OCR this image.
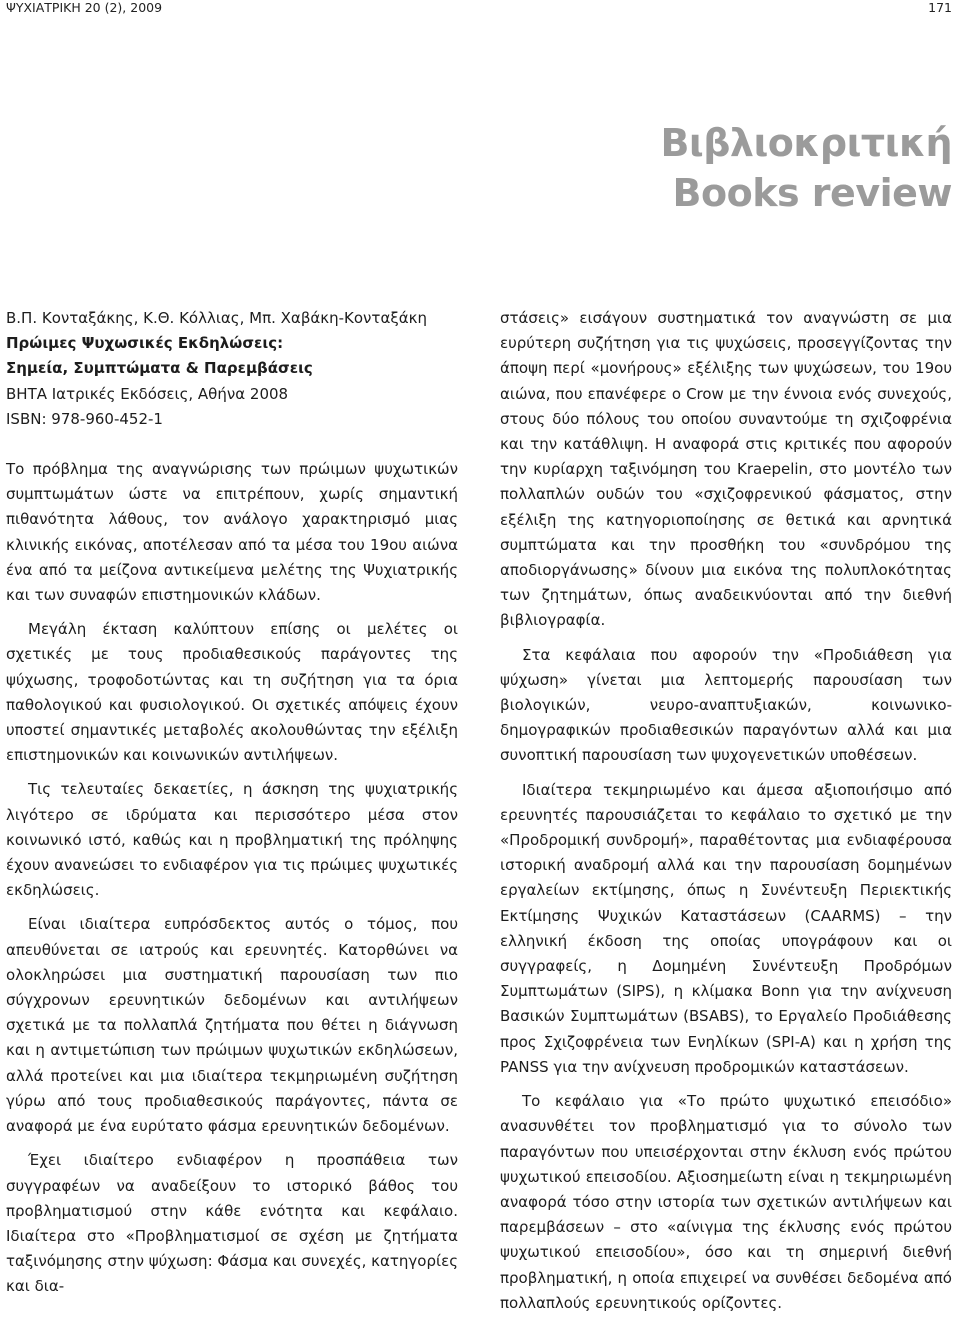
ΨΥΧΙΑΤΡΙΚΗ 20 (2), 2009	171
Βιβλιοκριτική
Books review

Β.Π. Κονταξάκης, Κ.Θ. Κόλλιας, Μπ. Χαβάκη-Κονταξάκη

Πρώιμες Ψυχωσικές Εκδηλώσεις:

Σημεία, Συμπτώματα & Παρεμβάσεις

ΒΗΤΑ Ιατρικές Εκδόσεις, Αθήνα 2008

ISBN: 978-960-452-1

Το πρόβλημα της αναγνώρισης των πρώιμων ψυχωτικών συμπτωμάτων ώστε να επιτρέπουν, χωρίς σημαντική πιθανότητα λάθους, τον ανάλογο χαρακτηρισμό μιας κλινικής εικόνας, αποτέλεσαν από τα μέσα του 19ου αιώνα ένα από τα μείζονα αντικείμενα μελέτης της Ψυχιατρικής και των συναφών επιστημονικών κλάδων.

Μεγάλη έκταση καλύπτουν επίσης οι μελέτες οι σχετικές με τους προδιαθεσικούς παράγοντες της ψύχωσης, τροφοδοτώντας και τη συζήτηση για τα όρια παθολογικού και φυσιολογικού. Οι σχετικές απόψεις έχουν υποστεί σημαντικές μεταβολές ακολουθώντας την εξέλιξη επιστημονικών και κοινωνικών αντιλήψεων.

Τις τελευταίες δεκαετίες, η άσκηση της ψυχιατρικής λιγότερο σε ιδρύματα και περισσότερο μέσα στον κοινωνικό ιστό, καθώς και η προβληματική της πρόληψης έχουν ανανεώσει το ενδιαφέρον για τις πρώιμες ψυχωτικές εκδηλώσεις.

Είναι ιδιαίτερα ευπρόσδεκτος αυτός ο τόμος, που απευθύνεται σε ιατρούς και ερευνητές. Κατορθώνει να ολοκληρώσει μια συστηματική παρουσίαση των πιο σύγχρονων ερευνητικών δεδομένων και αντιλήψεων σχετικά με τα πολλαπλά ζητήματα που θέτει η διάγνωση και η αντιμετώπιση των πρώιμων ψυχωτικών εκδηλώσεων, αλλά προτείνει και μια ιδιαίτερα τεκμηριωμένη συζήτηση γύρω από τους προδιαθεσικούς παράγοντες, πάντα σε αναφορά με ένα ευρύτατο φάσμα ερευνητικών δεδομένων.

Έχει ιδιαίτερο ενδιαφέρον η προσπάθεια των συγγραφέων να αναδείξουν το ιστορικό βάθος του προβληματισμού στην κάθε ενότητα και κεφάλαιο. Ιδιαίτερα στο «Προβληματισμοί σε σχέση με ζητήματα ταξινόμησης στην ψύχωση: Φάσμα και συνεχές, κατηγορίες και δια-

στάσεις» εισάγουν συστηματικά τον αναγνώστη σε μια ευρύτερη συζήτηση για τις ψυχώσεις, προσεγγίζοντας την άποψη περί «μονήρους» εξέλιξης των ψυχώσεων, του 19ου αιώνα, που επανέφερε ο Crow με την έννοια ενός συνεχούς, στους δύο πόλους του οποίου συναντούμε τη σχιζοφρένια και την κατάθλιψη. Η αναφορά στις κριτικές που αφορούν την κυρίαρχη ταξινόμηση του Kraepelin, στο μοντέλο των πολλαπλών ουδών του «σχιζοφρενικού φάσματος, στην εξέλιξη της κατηγοριοποίησης σε θετικά και αρνητικά συμπτώματα και την προσθήκη του «συνδρόμου της αποδιοργάνωσης» δίνουν μια εικόνα της πολυπλοκότητας των ζητημάτων, όπως αναδεικνύονται από την διεθνή βιβλιογραφία.

Στα κεφάλαια που αφορούν την «Προδιάθεση για ψύχωση» γίνεται μια λεπτομερής παρουσίαση των βιολογικών, νευρο-αναπτυξιακών, κοινωνικο-δημογραφικών προδιαθεσικών παραγόντων αλλά και μια συνοπτική παρουσίαση των ψυχογενετικών υποθέσεων.

Ιδιαίτερα τεκμηριωμένο και άμεσα αξιοποιήσιμο από ερευνητές παρουσιάζεται το κεφάλαιο το σχετικό με την «Προδρομική συνδρομή», παραθέτοντας μια ενδιαφέρουσα ιστορική αναδρομή αλλά και την παρουσίαση δομημένων εργαλείων εκτίμησης, όπως η Συνέντευξη Περιεκτικής Εκτίμησης Ψυχικών Καταστάσεων (CAARMS) – την ελληνική έκδοση της οποίας υπογράφουν και οι συγγραφείς, η Δομημένη Συνέντευξη Προδρόμων Συμπτωμάτων (SIPS), η κλίμακα Bonn για την ανίχνευση Βασικών Συμπτωμάτων (BSABS), το Εργαλείο Προδιάθεσης προς Σχιζοφρένεια των Ενηλίκων (SPI-A) και η χρήση της PANSS για την ανίχνευση προδρομικών καταστάσεων.

Το κεφάλαιο για «Το πρώτο ψυχωτικό επεισόδιο» ανασυνθέτει τον προβληματισμό για το σύνολο των παραγόντων που υπεισέρχονται στην έκλυση ενός πρώτου ψυχωτικού επεισοδίου. Αξιοσημείωτη είναι η τεκμηριωμένη αναφορά τόσο στην ιστορία των σχετικών αντιλήψεων και παρεμβάσεων – στο «αίνιγμα της έκλυσης ενός πρώτου ψυχωτικού επεισοδίου», όσο και τη σημερινή διεθνή προβληματική, η οποία επιχειρεί να συνθέσει δεδομένα από πολλαπλούς ερευνητικούς ορίζοντες.
